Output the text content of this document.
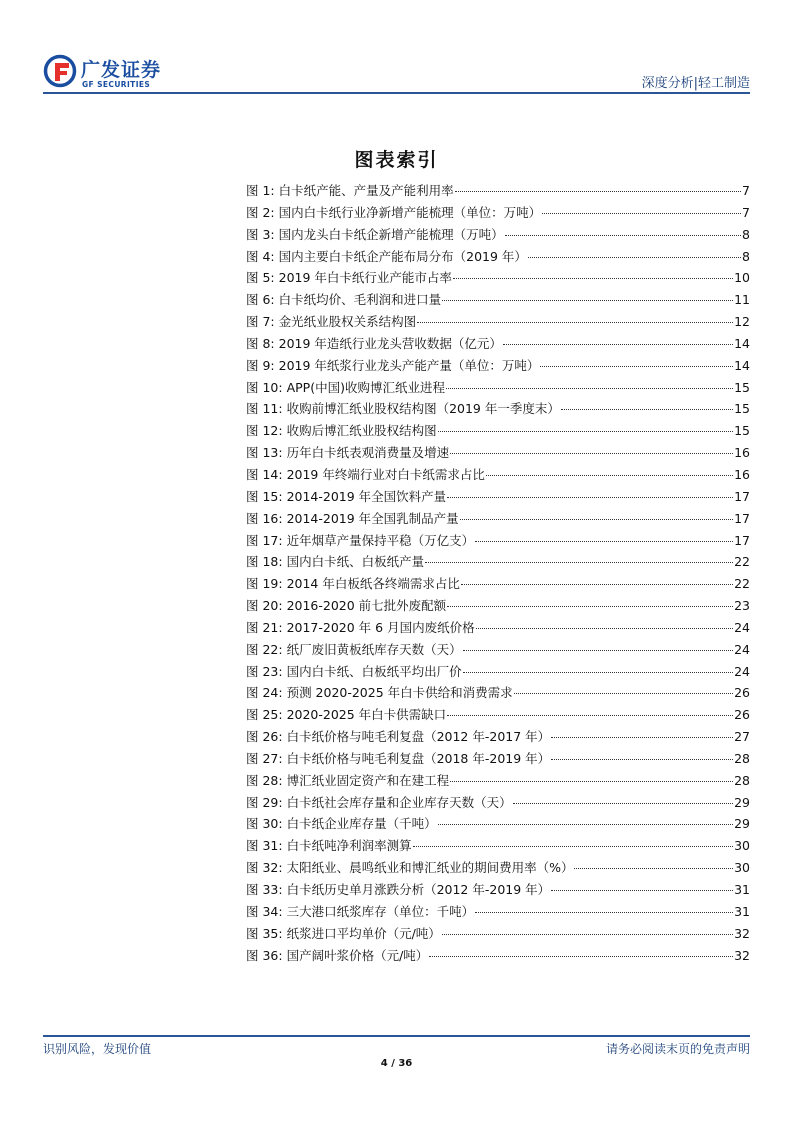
广发证券
GF SECURITIES	深度分析|轻工制造
图表索引
图 1: 白卡纸产能、产量及产能利用率	7
图 2: 国内白卡纸行业净新增产能梳理（单位：万吨）	7
图 3: 国内龙头白卡纸企新增产能梳理（万吨）	8
图 4: 国内主要白卡纸企产能布局分布（2019 年）	8
图 5: 2019 年白卡纸行业产能市占率	10
图 6: 白卡纸均价、毛利润和进口量	11
图 7: 金光纸业股权关系结构图	12
图 8: 2019 年造纸行业龙头营收数据（亿元）	14
图 9: 2019 年纸浆行业龙头产能产量（单位：万吨）	14
图 10: APP(中国)收购博汇纸业进程	15
图 11: 收购前博汇纸业股权结构图（2019 年一季度末）	15
图 12: 收购后博汇纸业股权结构图	15
图 13: 历年白卡纸表观消费量及增速	16
图 14: 2019 年终端行业对白卡纸需求占比	16
图 15: 2014-2019 年全国饮料产量	17
图 16: 2014-2019 年全国乳制品产量	17
图 17: 近年烟草产量保持平稳（万亿支）	17
图 18: 国内白卡纸、白板纸产量	22
图 19: 2014 年白板纸各终端需求占比	22
图 20: 2016-2020 前七批外废配额	23
图 21: 2017-2020 年 6 月国内废纸价格	24
图 22: 纸厂废旧黄板纸库存天数（天）	24
图 23: 国内白卡纸、白板纸平均出厂价	24
图 24: 预测 2020-2025 年白卡供给和消费需求	26
图 25: 2020-2025 年白卡供需缺口	26
图 26: 白卡纸价格与吨毛利复盘（2012 年-2017 年）	27
图 27: 白卡纸价格与吨毛利复盘（2018 年-2019 年）	28
图 28: 博汇纸业固定资产和在建工程	28
图 29: 白卡纸社会库存量和企业库存天数（天）	29
图 30: 白卡纸企业库存量（千吨）	29
图 31: 白卡纸吨净利润率测算	30
图 32: 太阳纸业、晨鸣纸业和博汇纸业的期间费用率（%）	30
图 33: 白卡纸历史单月涨跌分析（2012 年-2019 年）	31
图 34: 三大港口纸浆库存（单位：千吨）	31
图 35: 纸浆进口平均单价（元/吨）	32
图 36: 国产阔叶浆价格（元/吨）	32
识别风险，发现价值	请务必阅读末页的免责声明
4 / 36
